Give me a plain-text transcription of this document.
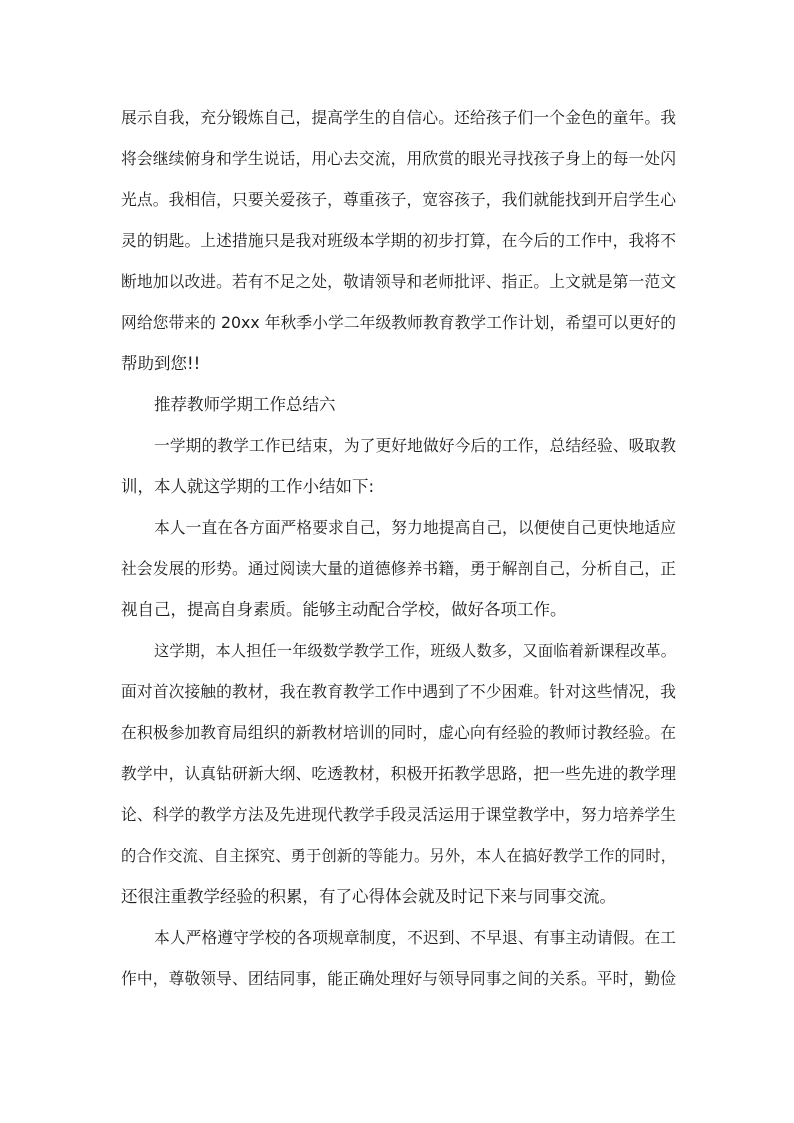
展示自我，充分锻炼自己，提高学生的自信心。还给孩子们一个金色的童年。我
将会继续俯身和学生说话，用心去交流，用欣赏的眼光寻找孩子身上的每一处闪
光点。我相信，只要关爱孩子，尊重孩子，宽容孩子，我们就能找到开启学生心
灵的钥匙。上述措施只是我对班级本学期的初步打算，在今后的工作中，我将不
断地加以改进。若有不足之处，敬请领导和老师批评、指正。上文就是第一范文
网给您带来的 20xx 年秋季小学二年级教师教育教学工作计划，希望可以更好的
帮助到您!!
推荐教师学期工作总结六
一学期的教学工作已结束，为了更好地做好今后的工作，总结经验、吸取教
训，本人就这学期的工作小结如下:
本人一直在各方面严格要求自己，努力地提高自己，以便使自己更快地适应
社会发展的形势。通过阅读大量的道德修养书籍，勇于解剖自己，分析自己，正
视自己，提高自身素质。能够主动配合学校，做好各项工作。
这学期，本人担任一年级数学教学工作，班级人数多，又面临着新课程改革。
面对首次接触的教材，我在教育教学工作中遇到了不少困难。针对这些情况，我
在积极参加教育局组织的新教材培训的同时，虚心向有经验的教师讨教经验。在
教学中，认真钻研新大纲、吃透教材，积极开拓教学思路，把一些先进的教学理
论、科学的教学方法及先进现代教学手段灵活运用于课堂教学中，努力培养学生
的合作交流、自主探究、勇于创新的等能力。另外，本人在搞好教学工作的同时，
还很注重教学经验的积累，有了心得体会就及时记下来与同事交流。
本人严格遵守学校的各项规章制度，不迟到、不早退、有事主动请假。在工
作中，尊敬领导、团结同事，能正确处理好与领导同事之间的关系。平时，勤俭
